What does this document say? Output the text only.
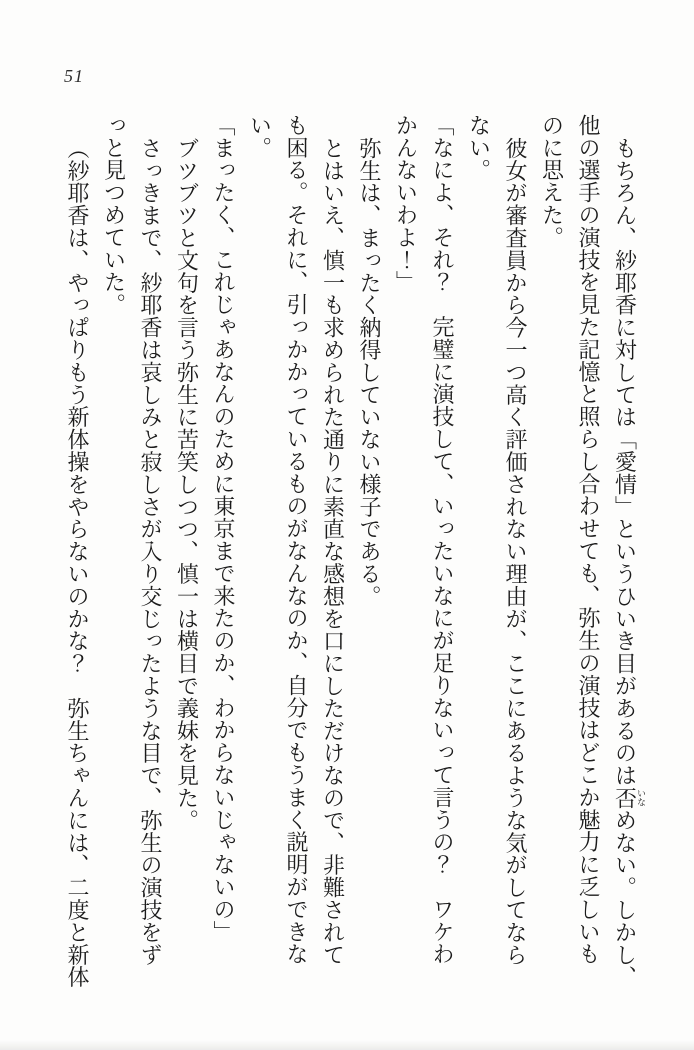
51

もちろん、紗耶香に対しては「愛情」というひいき目があるのは否いなめない。しかし、

他の選手の演技を見た記憶と照らし合わせても、弥生の演技はどこか魅力に乏しいも

のに思えた。

彼女が審査員から今一つ高く評価されない理由が、ここにあるような気がしてなら

ない。

「なによ、それ？　完璧に演技して、いったいなにが足りないって言うの？　ワケわ

かんないわよ！」

弥生は、まったく納得していない様子である。

とはいえ、慎一も求められた通りに素直な感想を口にしただけなので、非難されて

も困る。それに、引っかかっているものがなんなのか、自分でもうまく説明ができな

い。

「まったく、これじゃあなんのために東京まで来たのか、わからないじゃないの」

ブツブツと文句を言う弥生に苦笑しつつ、慎一は横目で義妹を見た。

さっきまで、紗耶香は哀しみと寂しさが入り交じったような目で、弥生の演技をず

っと見つめていた。

（紗耶香は、やっぱりもう新体操をやらないのかな？　弥生ちゃんには、二度と新体
